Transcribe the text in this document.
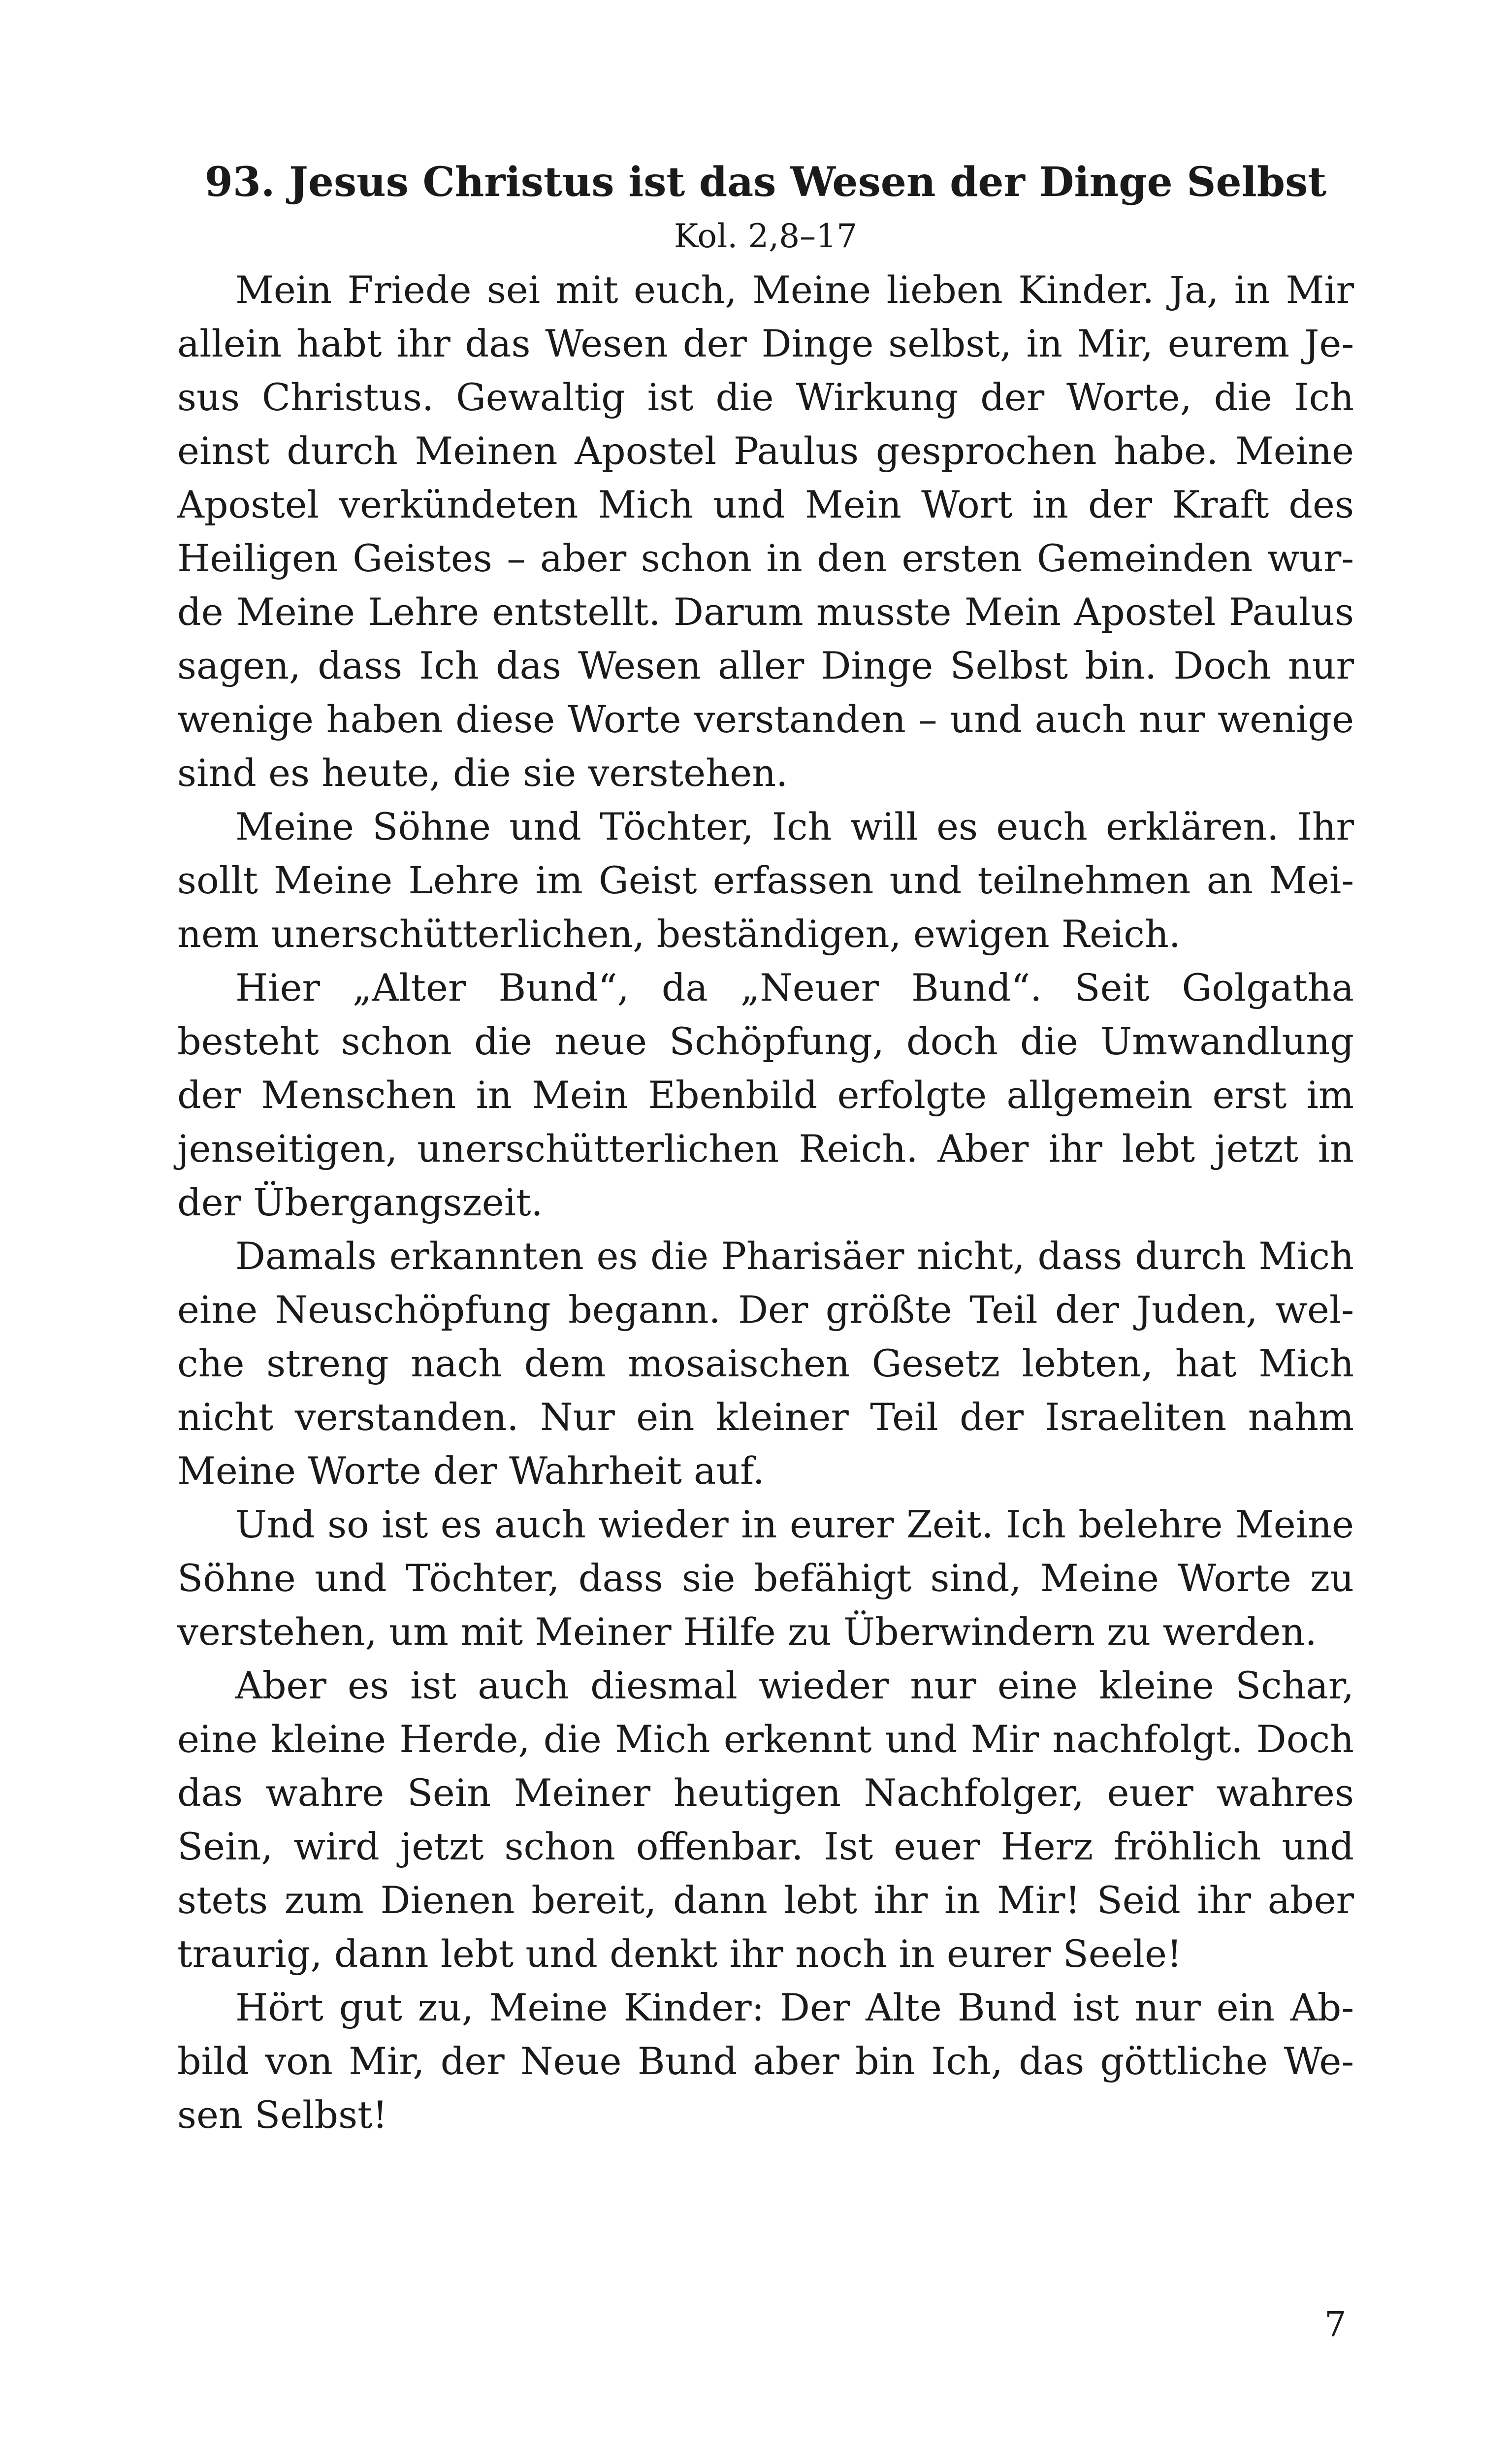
93. Jesus Christus ist das Wesen der Dinge Selbst

Kol. 2,8–17

Mein Friede sei mit euch, Meine lieben Kinder. Ja, in Mir allein habt ihr das Wesen der Dinge selbst, in Mir, eurem Jesus Christus. Gewaltig ist die Wirkung der Worte, die Ich einst durch Meinen Apostel Paulus gesprochen habe. Meine Apostel verkündeten Mich und Mein Wort in der Kraft des Heiligen Geistes – aber schon in den ersten Gemeinden wurde Meine Lehre entstellt. Darum musste Mein Apostel Paulus sagen, dass Ich das Wesen aller Dinge Selbst bin. Doch nur wenige haben diese Worte verstanden – und auch nur wenige sind es heute, die sie verstehen.

Meine Söhne und Töchter, Ich will es euch erklären. Ihr sollt Meine Lehre im Geist erfassen und teilnehmen an Meinem unerschütterlichen, beständigen, ewigen Reich.

Hier „Alter Bund“, da „Neuer Bund“. Seit Golgatha besteht schon die neue Schöpfung, doch die Umwandlung der Menschen in Mein Ebenbild erfolgte allgemein erst im jenseitigen, unerschütterlichen Reich. Aber ihr lebt jetzt in der Übergangszeit.

Damals erkannten es die Pharisäer nicht, dass durch Mich eine Neuschöpfung begann. Der größte Teil der Juden, welche streng nach dem mosaischen Gesetz lebten, hat Mich nicht verstanden. Nur ein kleiner Teil der Israeliten nahm Meine Worte der Wahrheit auf.

Und so ist es auch wieder in eurer Zeit. Ich belehre Meine Söhne und Töchter, dass sie befähigt sind, Meine Worte zu verstehen, um mit Meiner Hilfe zu Überwindern zu werden.

Aber es ist auch diesmal wieder nur eine kleine Schar, eine kleine Herde, die Mich erkennt und Mir nachfolgt. Doch das wahre Sein Meiner heutigen Nachfolger, euer wahres Sein, wird jetzt schon offenbar. Ist euer Herz fröhlich und stets zum Dienen bereit, dann lebt ihr in Mir! Seid ihr aber traurig, dann lebt und denkt ihr noch in eurer Seele!

Hört gut zu, Meine Kinder: Der Alte Bund ist nur ein Abbild von Mir, der Neue Bund aber bin Ich, das göttliche Wesen Selbst!

7
